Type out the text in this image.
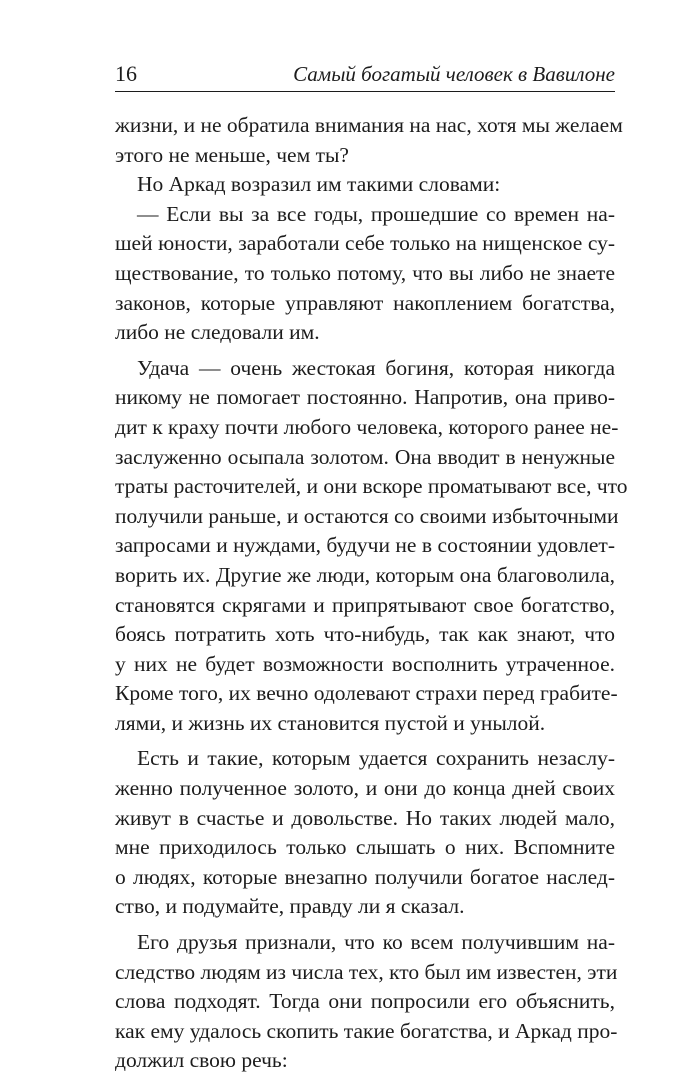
16	Самый богатый человек в Вавилоне
жизни, и не обратила внимания на нас, хотя мы желаем
этого не меньше, чем ты?
Но Аркад возразил им такими словами:
— Если вы за все годы, прошедшие со времен на-
шей юности, заработали себе только на нищенское су-
ществование, то только потому, что вы либо не знаете
законов, которые управляют накоплением богатства,
либо не следовали им.
Удача — очень жестокая богиня, которая никогда
никому не помогает постоянно. Напротив, она приво-
дит к краху почти любого человека, которого ранее не-
заслуженно осыпала золотом. Она вводит в ненужные
траты расточителей, и они вскоре проматывают все, что
получили раньше, и остаются со своими избыточными
запросами и нуждами, будучи не в состоянии удовлет-
ворить их. Другие же люди, которым она благоволила,
становятся скрягами и припрятывают свое богатство,
боясь потратить хоть что-нибудь, так как знают, что
у них не будет возможности восполнить утраченное.
Кроме того, их вечно одолевают страхи перед грабите-
лями, и жизнь их становится пустой и унылой.
Есть и такие, которым удается сохранить незаслу-
женно полученное золото, и они до конца дней своих
живут в счастье и довольстве. Но таких людей мало,
мне приходилось только слышать о них. Вспомните
о людях, которые внезапно получили богатое наслед-
ство, и подумайте, правду ли я сказал.
Его друзья признали, что ко всем получившим на-
следство людям из числа тех, кто был им известен, эти
слова подходят. Тогда они попросили его объяснить,
как ему удалось скопить такие богатства, и Аркад про-
должил свою речь:
